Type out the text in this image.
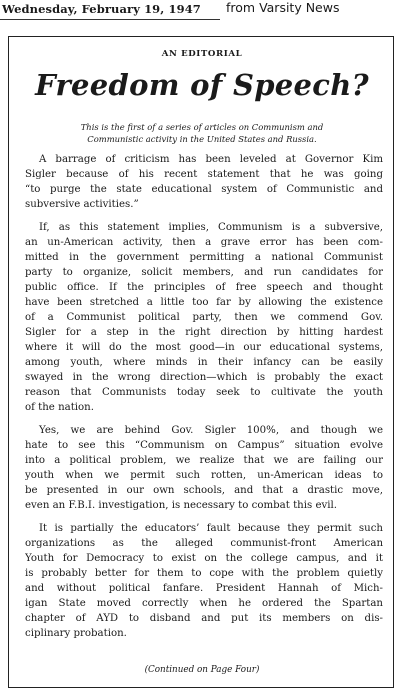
Wednesday, February 19, 1947 from Varsity News
AN EDITORIAL
Freedom of Speech?
This is the first of a series of articles on Communism and
Communistic activity in the United States and Russia.
A barrage of criticism has been leveled at Governor Kim
Sigler because of his recent statement that he was going
“to purge the state educational system of Communistic and
subversive activities.”
If, as this statement implies, Communism is a subversive,
an un-American activity, then a grave error has been com-
mitted in the government permitting a national Communist
party to organize, solicit members, and run candidates for
public office. If the principles of free speech and thought
have been stretched a little too far by allowing the existence
of a Communist political party, then we commend Gov.
Sigler for a step in the right direction by hitting hardest
where it will do the most good—in our educational systems,
among youth, where minds in their infancy can be easily
swayed in the wrong direction—which is probably the exact
reason that Communists today seek to cultivate the youth
of the nation.
Yes, we are behind Gov. Sigler 100%, and though we
hate to see this “Communism on Campus” situation evolve
into a political problem, we realize that we are failing our
youth when we permit such rotten, un-American ideas to
be presented in our own schools, and that a drastic move,
even an F.B.I. investigation, is necessary to combat this evil.
It is partially the educators’ fault because they permit such
organizations as the alleged communist-front American
Youth for Democracy to exist on the college campus, and it
is probably better for them to cope with the problem quietly
and without political fanfare. President Hannah of Mich-
igan State moved correctly when he ordered the Spartan
chapter of AYD to disband and put its members on dis-
ciplinary probation.
(Continued on Page Four)
